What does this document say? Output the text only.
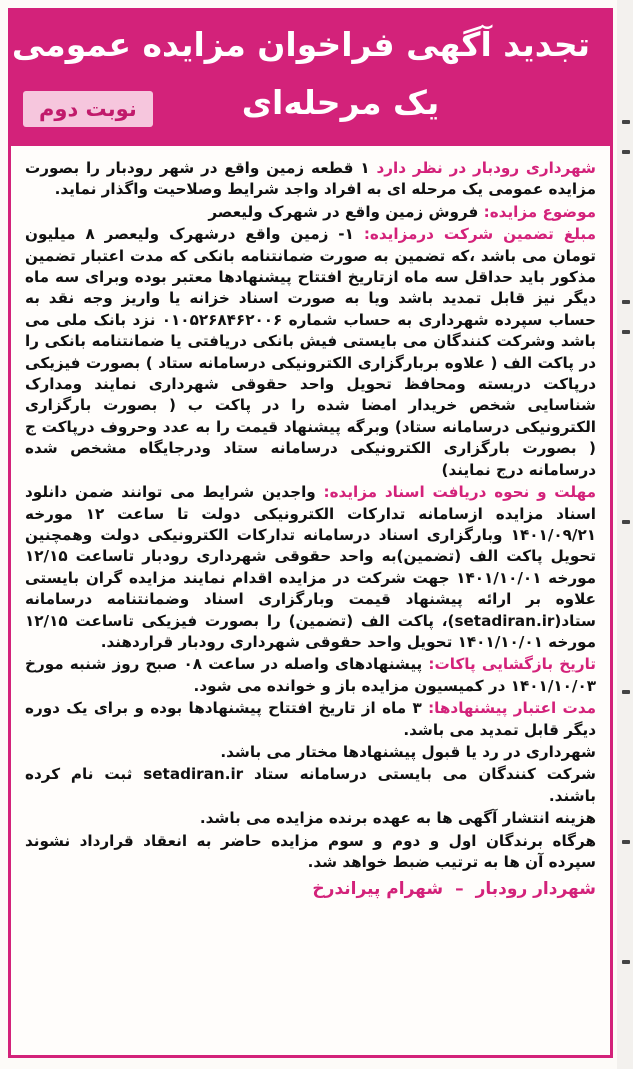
تجدید آگهی فراخوان مزایده عمومی
یک مرحله‌ای
نوبت دوم

شهرداری رودبار در نظر دارد ۱ قطعه زمین واقع در شهر رودبار را بصورت مزایده عمومی یک مرحله ای به افراد واجد شرایط وصلاحیت واگذار نماید.

موضوع مزایده: فروش زمین واقع در شهرک ولیعصر

مبلغ تضمین شرکت درمزایده: ۱- زمین واقع درشهرک ولیعصر ۸ میلیون تومان می باشد ،که تضمین به صورت ضمانتنامه بانکی که مدت اعتبار تضمین مذکور باید حداقل سه ماه ازتاریخ افتتاح پیشنهادها معتبر بوده وبرای سه ماه دیگر نیز قابل تمدید باشد ویا به صورت اسناد خزانه یا واریز وجه نقد به حساب سپرده شهرداری به حساب شماره ۰۱۰۵۲۶۸۴۶۲۰۰۶ نزد بانک ملی می باشد وشرکت کنندگان می بایستی فیش بانکی دریافتی یا ضمانتنامه بانکی را در پاکت الف ( علاوه بربارگزاری الکترونیکی درسامانه ستاد ) بصورت فیزیکی درپاکت دربسته ومحافظ تحویل واحد حقوقی شهرداری نمایند ومدارک شناسایی شخص خریدار امضا شده را در پاکت ب ( بصورت بارگزاری الکترونیکی درسامانه ستاد) وبرگه پیشنهاد قیمت را به عدد وحروف درپاکت ج ( بصورت بارگزاری الکترونیکی درسامانه ستاد ودرجایگاه مشخص شده درسامانه درج نمایند)

مهلت و نحوه دریافت اسناد مزایده: واجدین شرایط می توانند ضمن دانلود اسناد مزایده ازسامانه تدارکات الکترونیکی دولت تا ساعت ۱۲ مورخه ۱۴۰۱/۰۹/۲۱ وبارگزاری اسناد درسامانه تدارکات الکترونیکی دولت وهمچنین تحویل پاکت الف (تضمین)به واحد حقوقی شهرداری رودبار تاساعت ۱۲/۱۵ مورخه ۱۴۰۱/۱۰/۰۱ جهت شرکت در مزایده اقدام نمایند مزایده گران بایستی علاوه بر ارائه پیشنهاد قیمت وبارگزاری اسناد وضمانتنامه درسامانه ستاد(setadiran.ir)، پاکت الف (تضمین) را بصورت فیزیکی تاساعت ۱۲/۱۵ مورخه ۱۴۰۱/۱۰/۰۱ تحویل واحد حقوقی شهرداری رودبار قراردهند.

تاریخ بازگشایی پاکات: پیشنهادهای واصله در ساعت ۰۸ صبح روز شنبه مورخ ۱۴۰۱/۱۰/۰۳ در کمیسیون مزایده باز و خوانده می شود.

مدت اعتبار پیشنهادها: ۳ ماه از تاریخ افتتاح پیشنهادها بوده و برای یک دوره دیگر قابل تمدید می باشد.

شهرداری در رد یا قبول پیشنهادها مختار می باشد.

شرکت کنندگان می بایستی درسامانه ستاد setadiran.ir ثبت نام کرده باشند.

هزینه انتشار آگهی ها به عهده برنده مزایده می باشد.

هرگاه برندگان اول و دوم و سوم مزایده حاضر به انعقاد قرارداد نشوند سپرده آن ها به ترتیب ضبط خواهد شد.

شهردار رودبار–شهرام پیراندرخ
